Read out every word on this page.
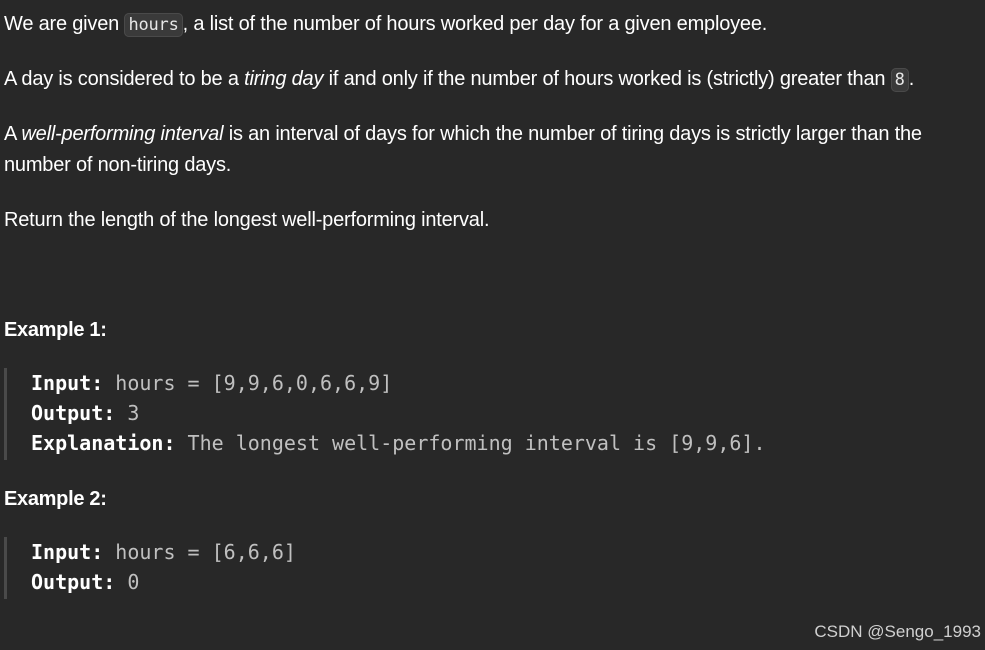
We are given hours , a list of the number of hours worked per day for a given employee.

A day is considered to be a tiring day if and only if the number of hours worked is (strictly) greater than 8 .

A well-performing interval is an interval of days for which the number of tiring days is strictly larger than the number of non-tiring days.

Return the length of the longest well-performing interval.

Example 1:
Input: hours = [9,9,6,0,6,6,9]
Output: 3
Explanation: The longest well-performing interval is [9,9,6].
Example 2:
Input: hours = [6,6,6]
Output: 0
CSDN @Sengo_1993
